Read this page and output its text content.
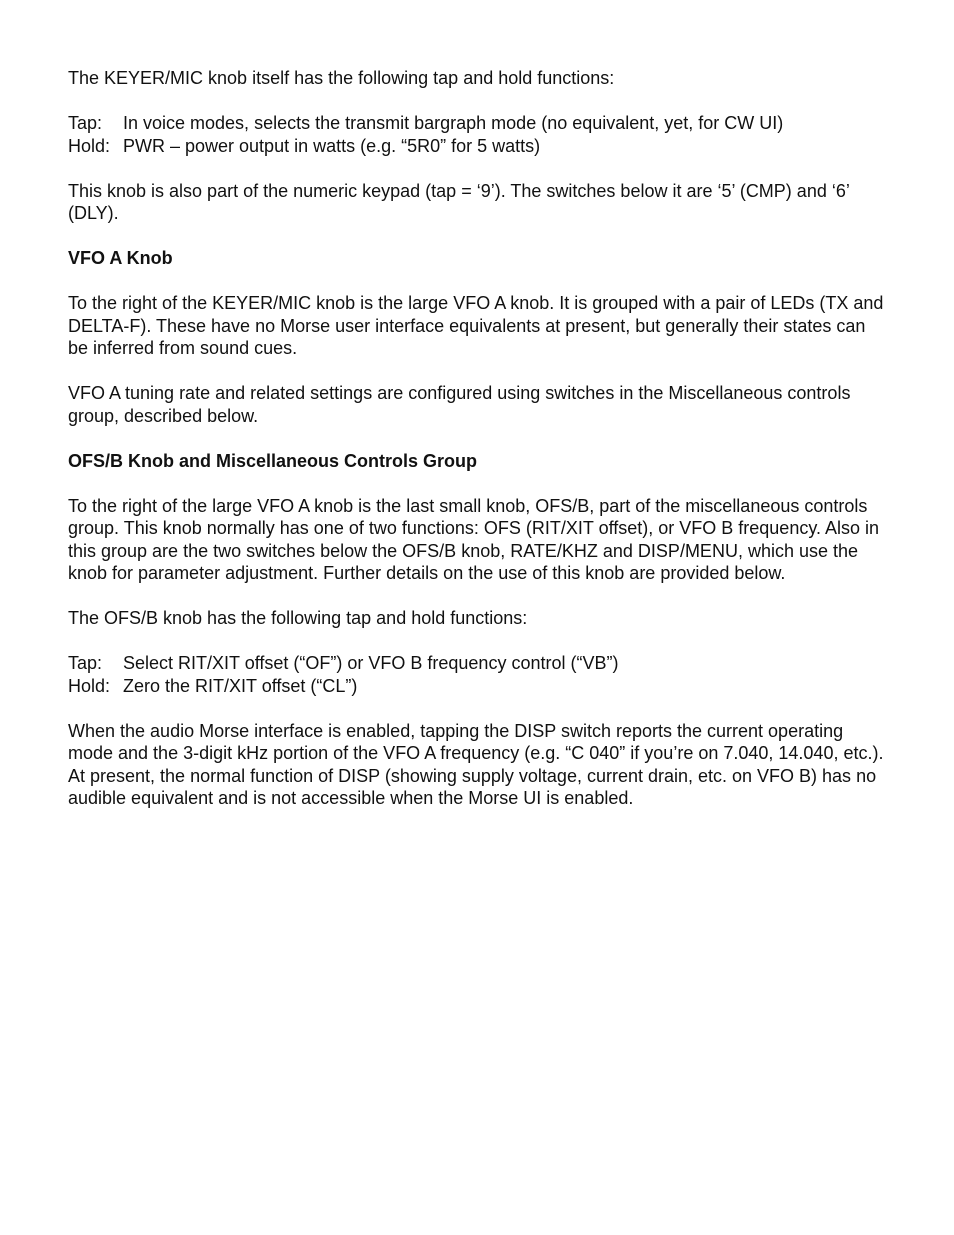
The KEYER/MIC knob itself has the following tap and hold functions:

Tap:	In voice modes, selects the transmit bargraph mode (no equivalent, yet, for CW UI)
Hold: PWR – power output in watts (e.g. “5R0” for 5 watts)

This knob is also part of the numeric keypad (tap = ‘9’). The switches below it are ‘5’ (CMP) and ‘6’ (DLY).

VFO A Knob

To the right of the KEYER/MIC knob is the large VFO A knob. It is grouped with a pair of LEDs (TX and DELTA-F). These have no Morse user interface equivalents at present, but generally their states can be inferred from sound cues.

VFO A tuning rate and related settings are configured using switches in the Miscellaneous controls group, described below.

OFS/B Knob and Miscellaneous Controls Group

To the right of the large VFO A knob is the last small knob, OFS/B, part of the miscellaneous controls group. This knob normally has one of two functions: OFS (RIT/XIT offset), or VFO B frequency. Also in this group are the two switches below the OFS/B knob, RATE/KHZ and DISP/MENU, which use the knob for parameter adjustment. Further details on the use of this knob are provided below.

The OFS/B knob has the following tap and hold functions:

Tap:	Select RIT/XIT offset (“OF”) or VFO B frequency control (“VB”)
Hold: Zero the RIT/XIT offset (“CL”)

When the audio Morse interface is enabled, tapping the DISP switch reports the current operating mode and the 3-digit kHz portion of the VFO A frequency (e.g. “C 040” if you’re on 7.040, 14.040, etc.). At present, the normal function of DISP (showing supply voltage, current drain, etc. on VFO B) has no audible equivalent and is not accessible when the Morse UI is enabled.
